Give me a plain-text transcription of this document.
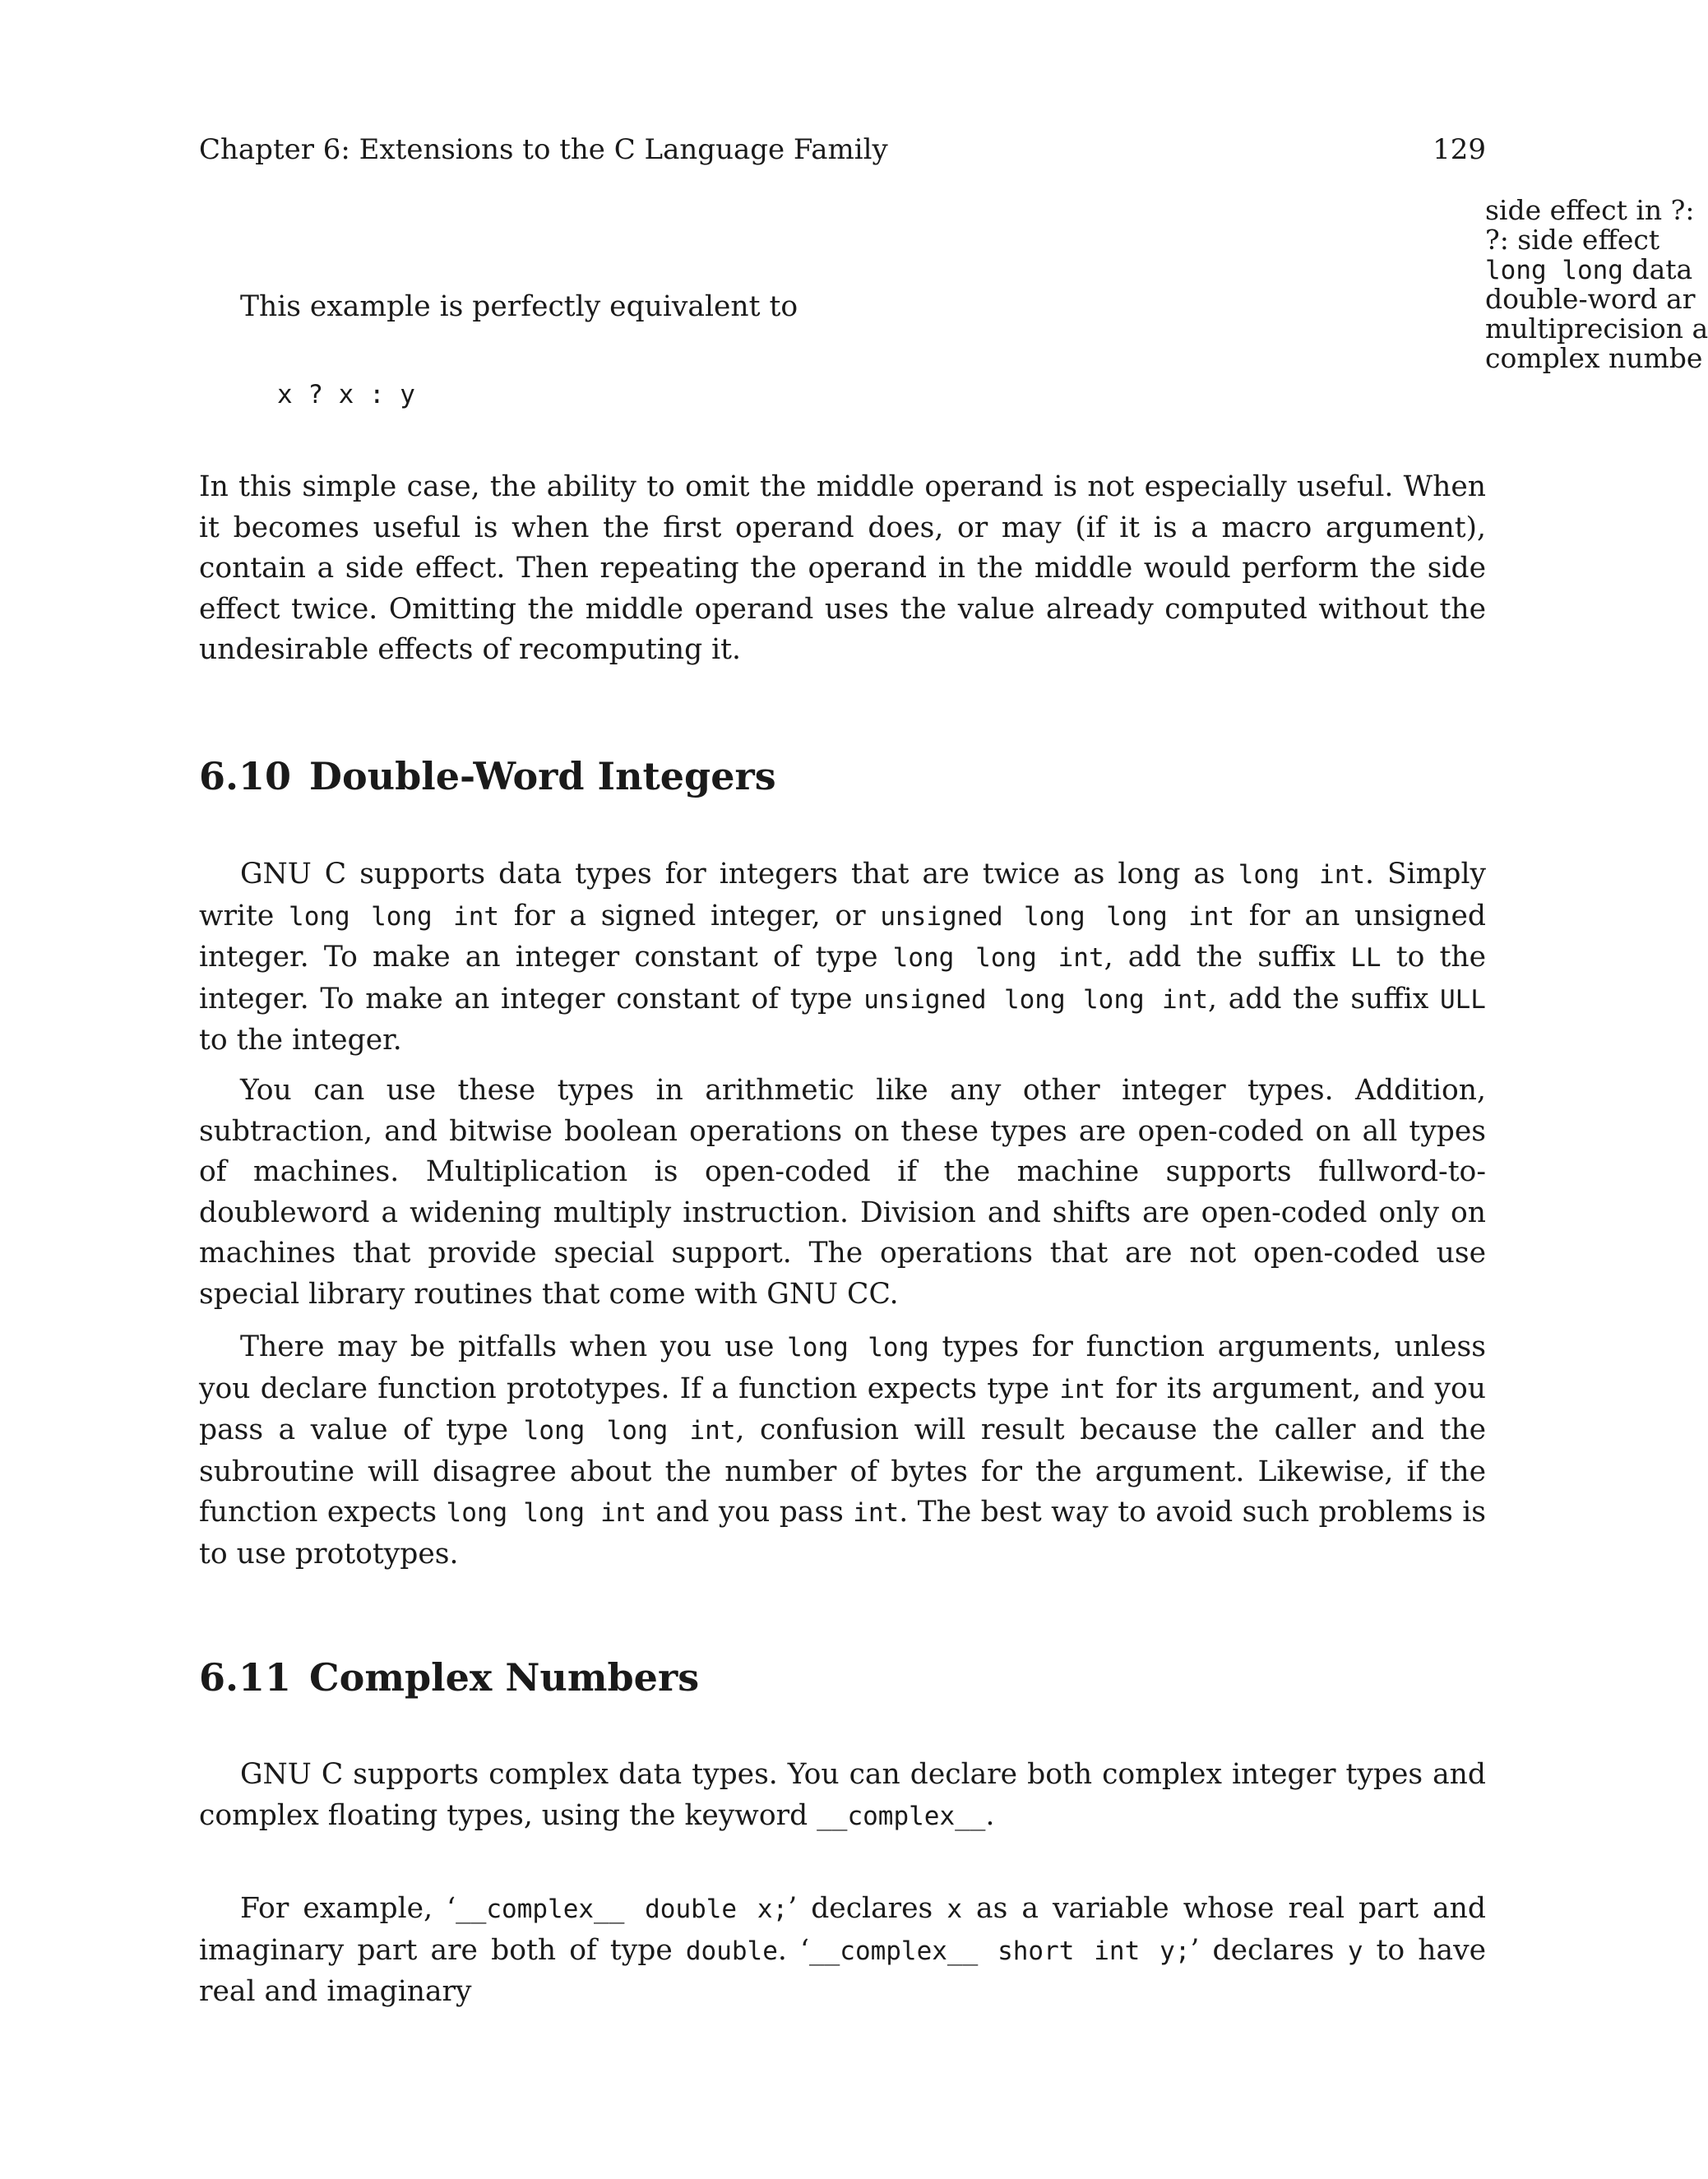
Chapter 6: Extensions to the C Language Family	129
side effect in ?:
?: side effect
long long data
double-word ar
multiprecision a
complex numbe
This example is perfectly equivalent to
x ? x : y
In this simple case, the ability to omit the middle operand is not especially useful. When it becomes useful is when the first operand does, or may (if it is a macro argument), contain a side effect. Then repeating the operand in the middle would perform the side effect twice. Omitting the middle operand uses the value already computed without the undesirable effects of recomputing it.
6.10 Double-Word Integers
GNU C supports data types for integers that are twice as long as long int. Simply write long long int for a signed integer, or unsigned long long int for an unsigned integer. To make an integer constant of type long long int, add the suffix LL to the integer. To make an integer constant of type unsigned long long int, add the suffix ULL to the integer.
You can use these types in arithmetic like any other integer types. Addition, subtraction, and bitwise boolean operations on these types are open-coded on all types of machines. Multiplication is open-coded if the machine supports fullword-to-doubleword a widening multiply instruction. Division and shifts are open-coded only on machines that provide special support. The operations that are not open-coded use special library routines that come with GNU CC.
There may be pitfalls when you use long long types for function arguments, unless you declare function prototypes. If a function expects type int for its argument, and you pass a value of type long long int, confusion will result because the caller and the subroutine will disagree about the number of bytes for the argument. Likewise, if the function expects long long int and you pass int. The best way to avoid such problems is to use prototypes.
6.11 Complex Numbers
GNU C supports complex data types. You can declare both complex integer types and complex floating types, using the keyword __complex__.
For example, ‘__complex__ double x;’ declares x as a variable whose real part and imaginary part are both of type double. ‘__complex__ short int y;’ declares y to have real and imaginary
